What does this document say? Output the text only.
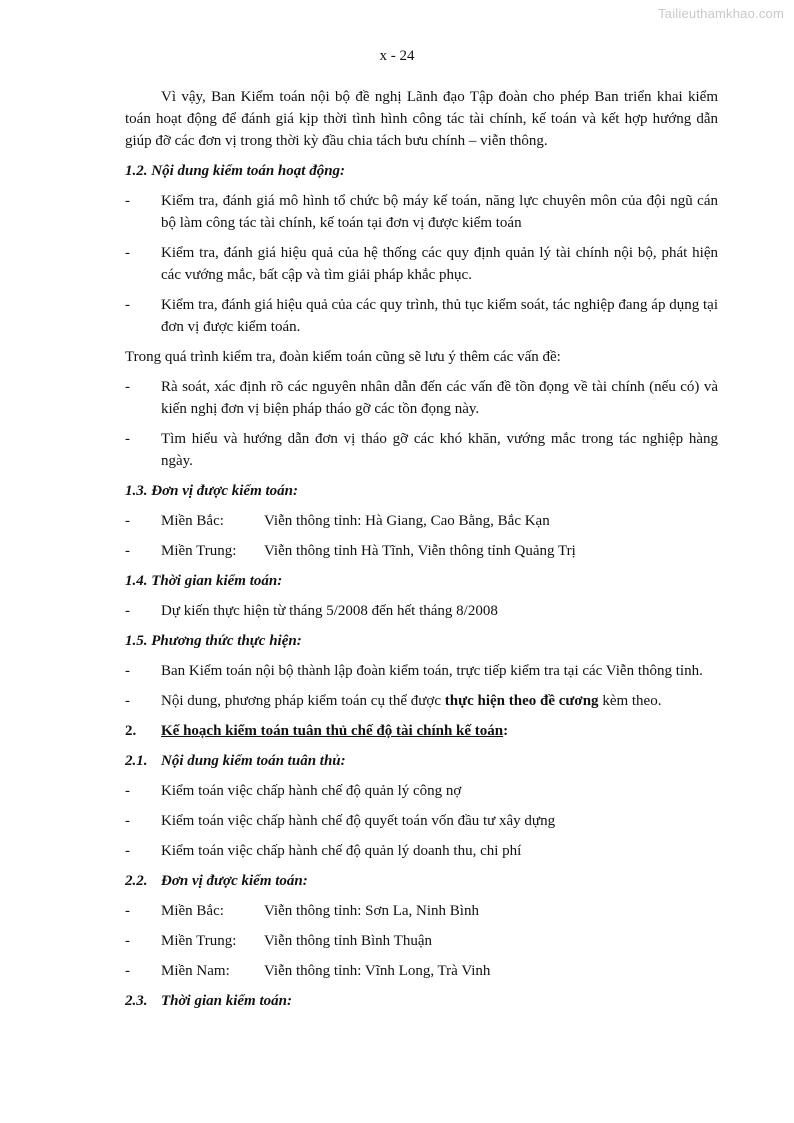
Tailieuthamkhao.com
x - 24

Vì vậy, Ban Kiểm toán nội bộ đề nghị Lãnh đạo Tập đoàn cho phép Ban triển khai kiểm toán hoạt động để đánh giá kịp thời tình hình công tác tài chính, kế toán và kết hợp hướng dẫn giúp đỡ các đơn vị trong thời kỳ đầu chia tách bưu chính – viễn thông.

1.2. Nội dung kiểm toán hoạt động:
-	Kiểm tra, đánh giá mô hình tổ chức bộ máy kế toán, năng lực chuyên môn của đội ngũ cán bộ làm công tác tài chính, kế toán tại đơn vị được kiểm toán
-	Kiểm tra, đánh giá hiệu quả của hệ thống các quy định quản lý tài chính nội bộ, phát hiện các vướng mắc, bất cập và tìm giải pháp khắc phục.
-	Kiểm tra, đánh giá hiệu quả của các quy trình, thủ tục kiểm soát, tác nghiệp đang áp dụng tại đơn vị được kiểm toán.

Trong quá trình kiểm tra, đoàn kiểm toán cũng sẽ lưu ý thêm các vấn đề:

-	Rà soát, xác định rõ các nguyên nhân dẫn đến các vấn đề tồn đọng về tài chính (nếu có) và kiến nghị đơn vị biện pháp tháo gỡ các tồn đọng này.
-	Tìm hiểu và hướng dẫn đơn vị tháo gỡ các khó khăn, vướng mắc trong tác nghiệp hàng ngày.
1.3. Đơn vị được kiểm toán:
-	Miền Bắc:	Viễn thông tỉnh: Hà Giang, Cao Bằng, Bắc Kạn
-	Miền Trung:	Viễn thông tỉnh Hà Tĩnh, Viễn thông tỉnh Quảng Trị
1.4. Thời gian kiểm toán:
-	Dự kiến thực hiện từ tháng 5/2008 đến hết tháng 8/2008
1.5. Phương thức thực hiện:
-	Ban Kiểm toán nội bộ thành lập đoàn kiểm toán, trực tiếp kiểm tra tại các Viễn thông tỉnh.
-	Nội dung, phương pháp kiểm toán cụ thể được thực hiện theo đề cương kèm theo.
2. Kế hoạch kiểm toán tuân thủ chế độ tài chính kế toán:
2.1. Nội dung kiểm toán tuân thủ:
-	Kiểm toán việc chấp hành chế độ quản lý công nợ
-	Kiểm toán việc chấp hành chế độ quyết toán vốn đầu tư xây dựng
-	Kiểm toán việc chấp hành chế độ quản lý doanh thu, chi phí
2.2. Đơn vị được kiểm toán:
-	Miền Bắc:	Viễn thông tỉnh: Sơn La, Ninh Bình
-	Miền Trung:	Viễn thông tỉnh Bình Thuận
-	Miền Nam:	Viễn thông tỉnh: Vĩnh Long, Trà Vinh
2.3. Thời gian kiểm toán:
